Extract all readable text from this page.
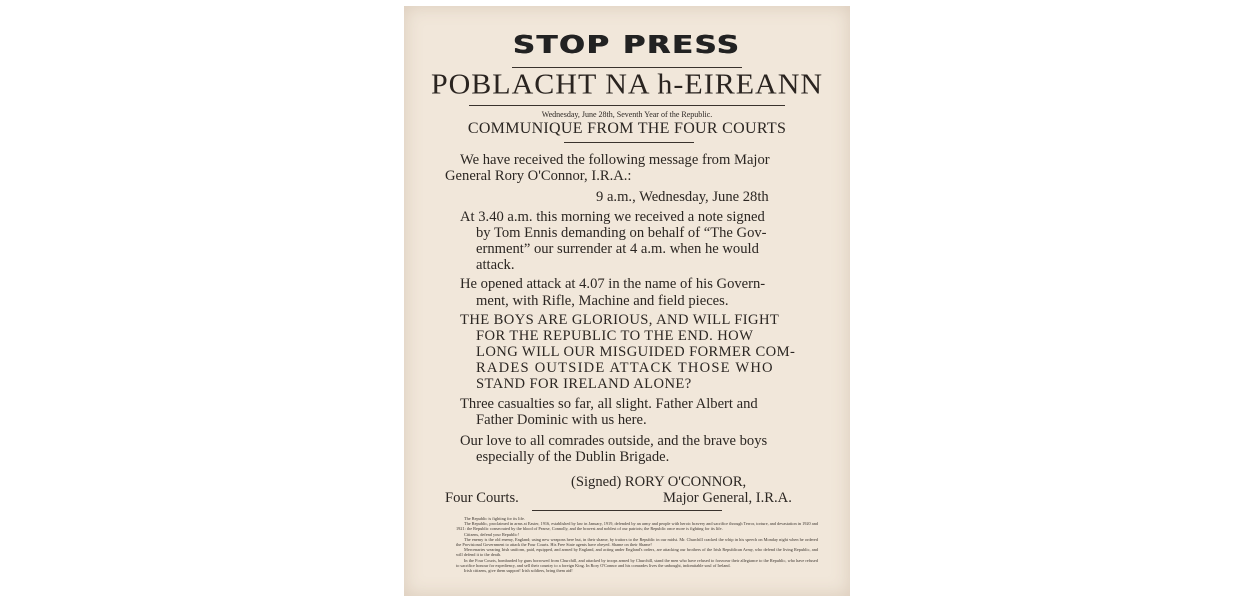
STOP PRESS
POBLACHT NA h-EIREANN
Wednesday, June 28th, Seventh Year of the Republic.
COMMUNIQUE FROM THE FOUR COURTS
We have received the following message from Major
General Rory O'Connor, I.R.A.:
9 a.m., Wednesday, June 28th
At 3.40 a.m. this morning we received a note signed
by Tom Ennis demanding on behalf of “The Gov-
ernment” our surrender at 4 a.m. when he would
attack.
He opened attack at 4.07 in the name of his Govern-
ment, with Rifle, Machine and field pieces.
THE BOYS ARE GLORIOUS, AND WILL FIGHT
FOR THE REPUBLIC TO THE END. HOW
LONG WILL OUR MISGUIDED FORMER COM-
RADES OUTSIDE ATTACK THOSE WHO
STAND FOR IRELAND ALONE?
Three casualties so far, all slight. Father Albert and
Father Dominic with us here.
Our love to all comrades outside, and the brave boys
especially of the Dublin Brigade.
(Signed) RORY O'CONNOR,
Four Courts.	Major General, I.R.A.

The Republic is fighting for its life.

The Republic, proclaimed in arms at Easter, 1916, established by law in January, 1919, defended by an army and people with heroic bravery and sacrifice through Terror, torture, and devastation in 1920 and 1921: the Republic consecrated by the blood of Pearse, Connolly, and the bravest and noblest of our patriots; the Republic once more is fighting for its life.

Citizens, defend your Republic!

The enemy is the old enemy, England; using new weapons here but, in their shame, by traitors to the Republic in our midst. Mr. Churchill cracked the whip in his speech on Monday night when he ordered the Provisional Government to attack the Four Courts. His Free State agents have obeyed. Shame on their Shame!

Mercenaries wearing Irish uniform, paid, equipped, and armed by England, and acting under England's orders, are attacking our brothers of the Irish Republican Army, who defend the living Republic, and will defend it to the death.

In the Four Courts, bombarded by guns borrowed from Churchill, and attacked by troops armed by Churchill, stand the men who have refused to forswear their allegiance to the Republic, who have refused to sacrifice honour for expediency, and sell their country to a foreign King. In Rory O'Connor and his comrades lives the unbought, indomitable soul of Ireland.

Irish citizens, give them support! Irish soldiers, bring them aid!
